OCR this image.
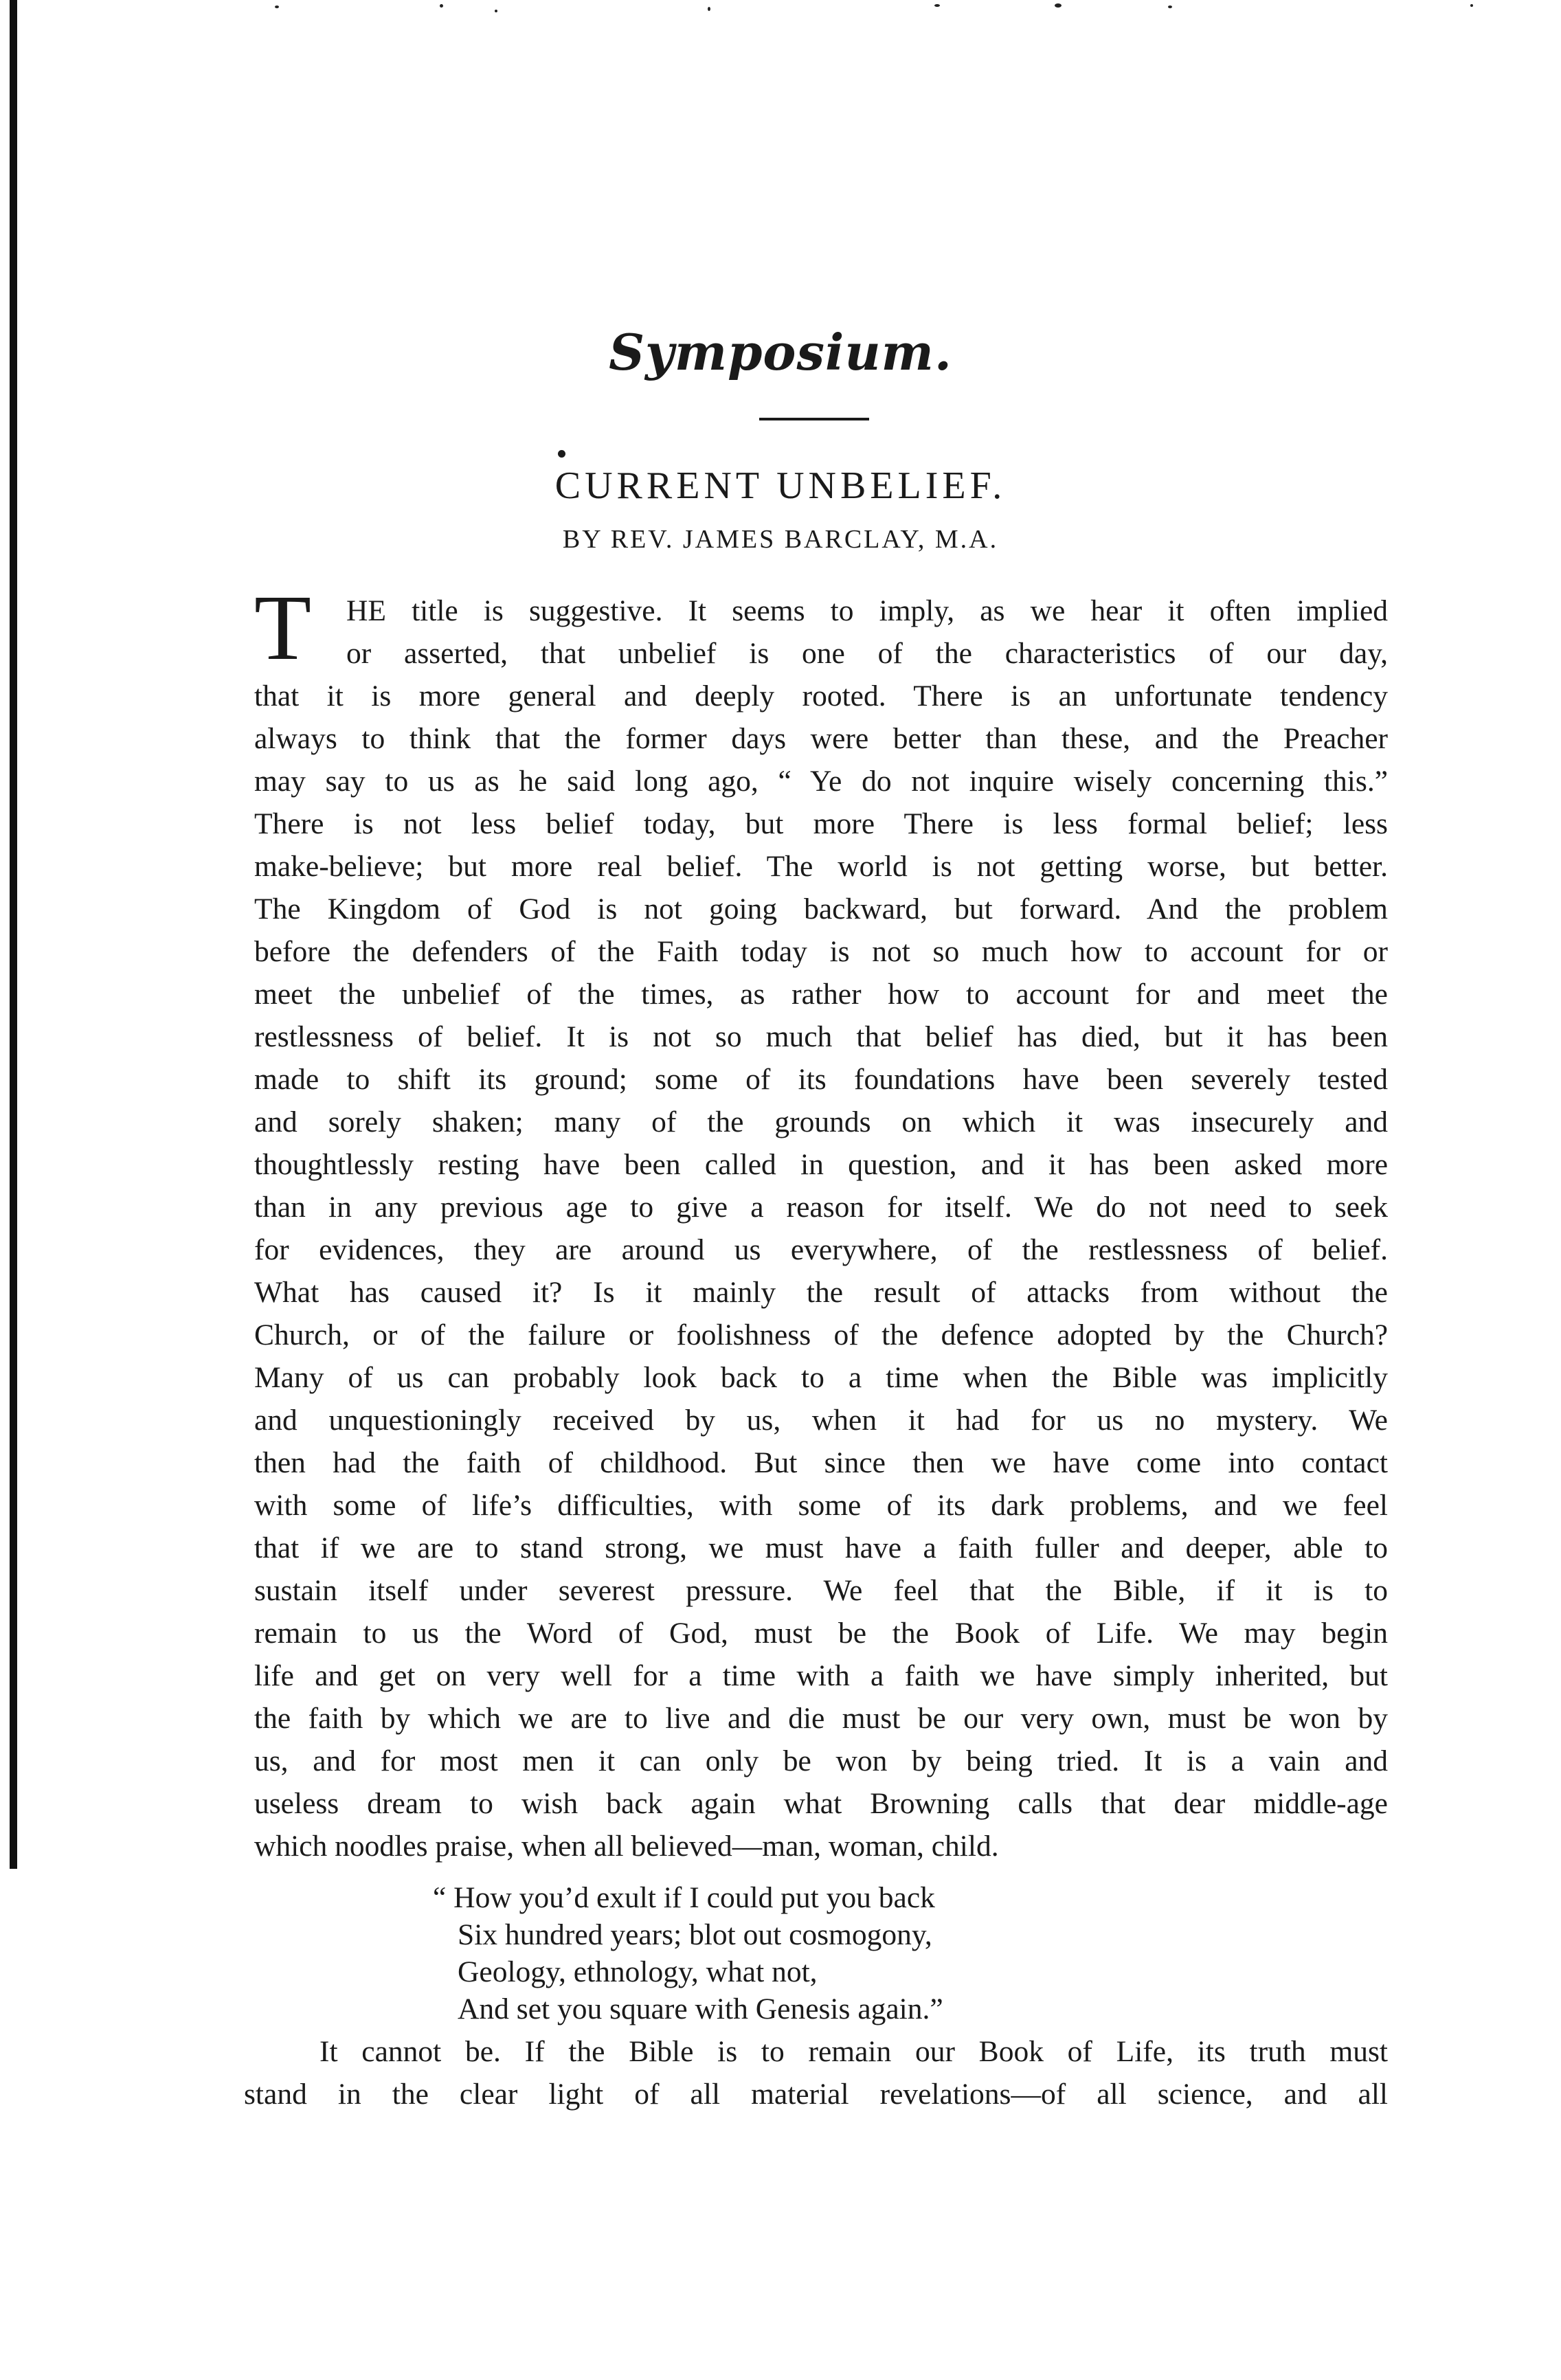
Symposium.
CURRENT UNBELIEF.
BY REV. JAMES BARCLAY, M.A.
T	HE title is suggestive. It seems to imply, as we hear it often implied
or asserted, that unbelief is one of the characteristics of our day,
that it is more general and deeply rooted. There is an unfortunate tendency
always to think that the former days were better than these, and the Preacher
may say to us as he said long ago, “ Ye do not inquire wisely concerning this.”
There is not less belief today, but more There is less formal belief; less
make-believe; but more real belief. The world is not getting worse, but better.
The Kingdom of God is not going backward, but forward. And the problem
before the defenders of the Faith today is not so much how to account for or
meet the unbelief of the times, as rather how to account for and meet the
restlessness of belief. It is not so much that belief has died, but it has been
made to shift its ground; some of its foundations have been severely tested
and sorely shaken; many of the grounds on which it was insecurely and
thoughtlessly resting have been called in question, and it has been asked more
than in any previous age to give a reason for itself. We do not need to seek
for evidences, they are around us everywhere, of the restlessness of belief.
What has caused it? Is it mainly the result of attacks from without the
Church, or of the failure or foolishness of the defence adopted by the Church?
Many of us can probably look back to a time when the Bible was implicitly
and unquestioningly received by us, when it had for us no mystery. We
then had the faith of childhood. But since then we have come into contact
with some of life’s difficulties, with some of its dark problems, and we feel
that if we are to stand strong, we must have a faith fuller and deeper, able to
sustain itself under severest pressure. We feel that the Bible, if it is to
remain to us the Word of God, must be the Book of Life. We may begin
life and get on very well for a time with a faith we have simply inherited, but
the faith by which we are to live and die must be our very own, must be won by
us, and for most men it can only be won by being tried. It is a vain and
useless dream to wish back again what Browning calls that dear middle-age
which noodles praise, when all believed—man, woman, child.
“ How you’d exult if I could put you back
Six hundred years; blot out cosmogony,
Geology, ethnology, what not,
And set you square with Genesis again.”
It cannot be. If the Bible is to remain our Book of Life, its truth must
stand in the clear light of all material revelations—of all science, and all
